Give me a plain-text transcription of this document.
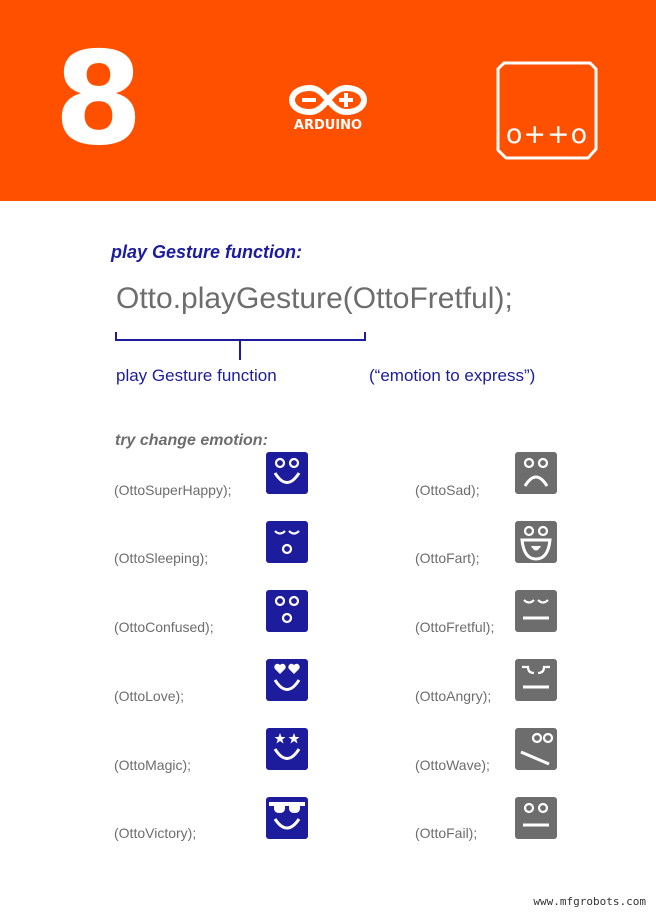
8	ARDUINO	o++o
play Gesture function:
Otto.playGesture(OttoFretful);
play Gesture function	(“emotion to express”)
try change emotion:
(OttoSuperHappy);
(OttoSleeping);
(OttoConfused);
(OttoLove);
(OttoMagic);
(OttoVictory);
(OttoSad);
(OttoFart);
(OttoFretful);
(OttoAngry);
(OttoWave);
(OttoFail);
www.mfgrobots.com
